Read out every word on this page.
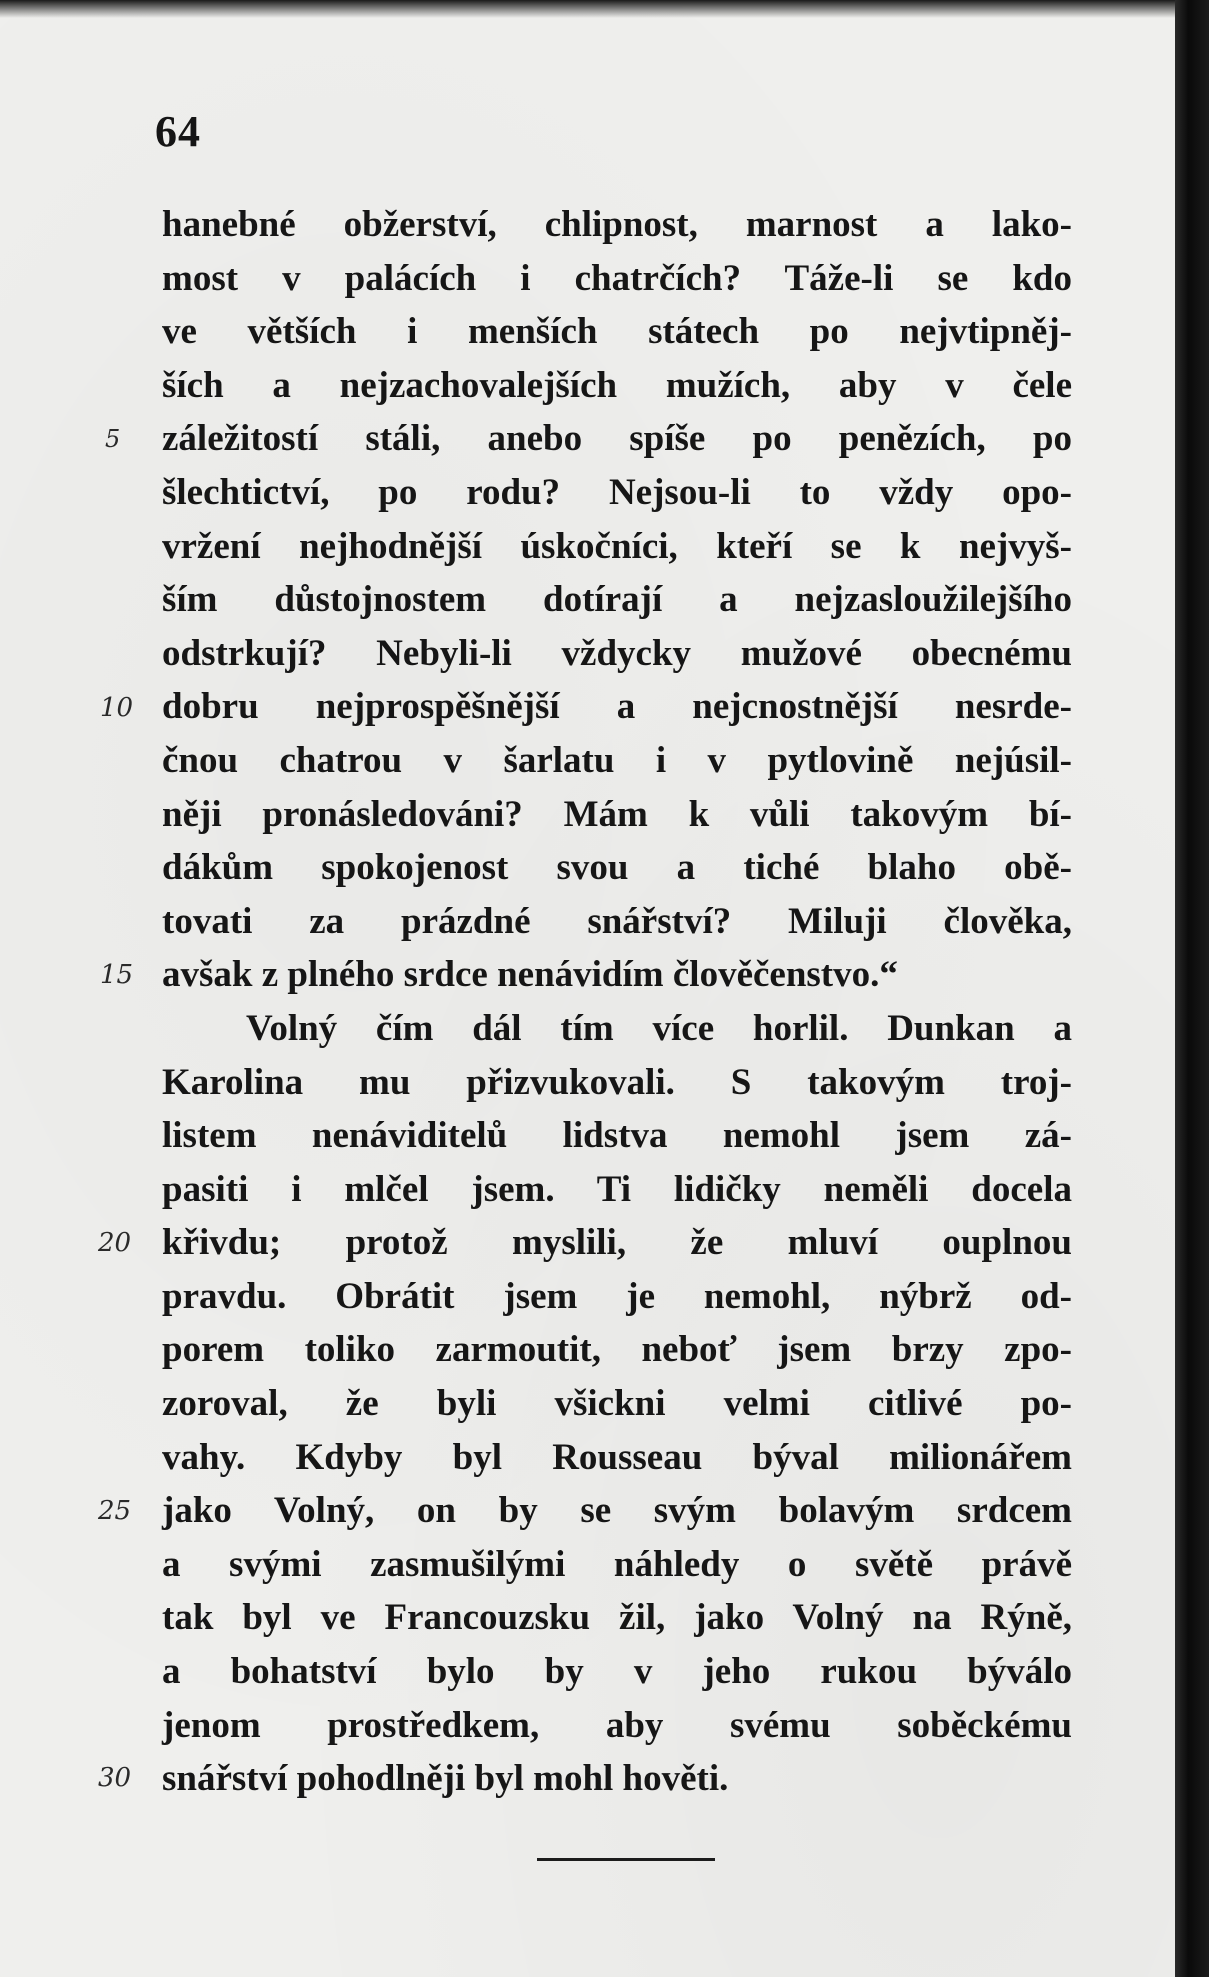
64
5
10
15
20
25
30
hanebné obžerství, chlipnost, marnost a lako-
most v palácích i chatrčích? Táže-li se kdo
ve větších i menších státech po nejvtipněj-
ších a nejzachovalejších mužích, aby v čele
záležitostí stáli, anebo spíše po penězích, po
šlechtictví, po rodu? Nejsou-li to vždy opo-
vržení nejhodnější úskočníci, kteří se k nejvyš-
ším důstojnostem dotírají a nejzasloužilejšího
odstrkují? Nebyli-li vždycky mužové obecnému
dobru nejprospěšnější a nejcnostnější nesrde-
čnou chatrou v šarlatu i v pytlovině nejúsil-
něji pronásledováni? Mám k vůli takovým bí-
dákům spokojenost svou a tiché blaho obě-
tovati za prázdné snářství? Miluji člověka,
avšak z plného srdce nenávidím člověčenstvo.“
Volný čím dál tím více horlil. Dunkan a
Karolina mu přizvukovali. S takovým troj-
listem nenáviditelů lidstva nemohl jsem zá-
pasiti i mlčel jsem. Ti lidičky neměli docela
křivdu; protož myslili, že mluví ouplnou
pravdu. Obrátit jsem je nemohl, nýbrž od-
porem toliko zarmoutit, neboť jsem brzy zpo-
zoroval, že byli všickni velmi citlivé po-
vahy. Kdyby byl Rousseau býval milionářem
jako Volný, on by se svým bolavým srdcem
a svými zasmušilými náhledy o světě právě
tak byl ve Francouzsku žil, jako Volný na Rýně,
a bohatství bylo by v jeho rukou býválo
jenom prostředkem, aby svému soběckému
snářství pohodlněji byl mohl hověti.
